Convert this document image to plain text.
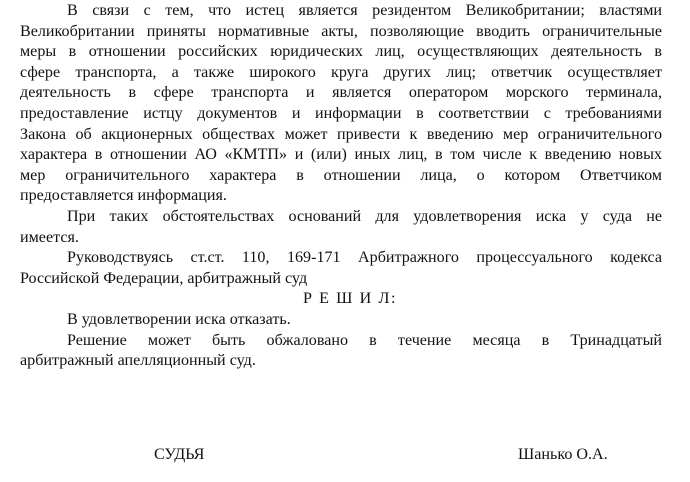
В связи с тем, что истец является резидентом Великобритании; властями
Великобритании приняты нормативные акты, позволяющие вводить ограничительные
меры в отношении российских юридических лиц, осуществляющих деятельность в
сфере транспорта, а также широкого круга других лиц; ответчик осуществляет
деятельность в сфере транспорта и является оператором морского терминала,
предоставление истцу документов и информации в соответствии с требованиями
Закона об акционерных обществах может привести к введению мер ограничительного
характера в отношении АО «КМТП» и (или) иных лиц, в том числе к введению новых
мер ограничительного характера в отношении лица, о котором Ответчиком
предоставляется информация.
При таких обстоятельствах оснований для удовлетворения иска у суда не
имеется.
Руководствуясь ст.ст. 110, 169-171 Арбитражного процессуального кодекса
Российской Федерации, арбитражный суд
Р Е Ш И Л:
В удовлетворении иска отказать.
Решение может быть обжаловано в течение месяца в Тринадцатый
арбитражный апелляционный суд.
СУДЬЯ	Шанько О.А.
